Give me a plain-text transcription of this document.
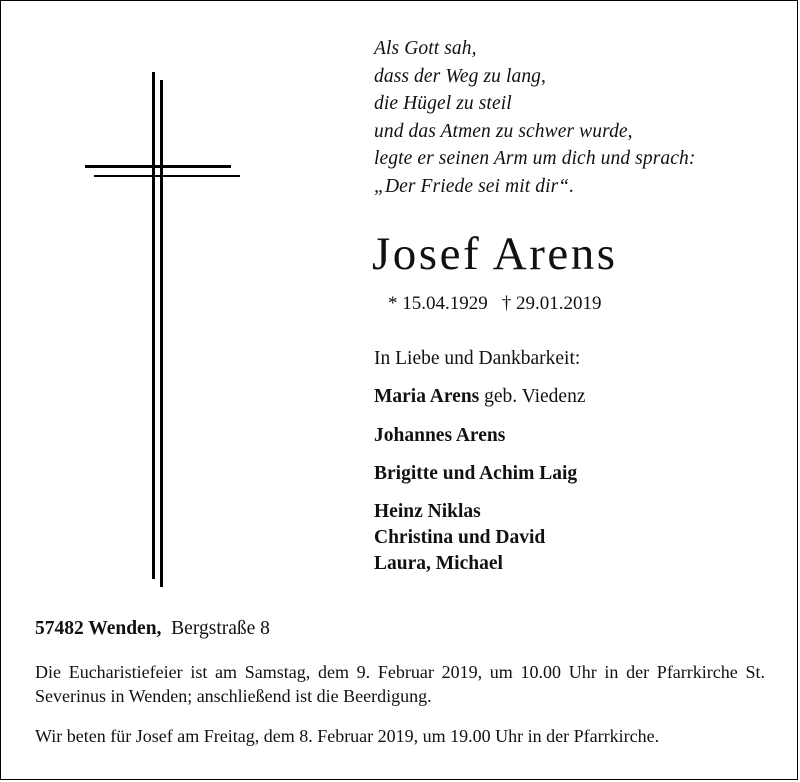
Als Gott sah,
dass der Weg zu lang,
die Hügel zu steil
und das Atmen zu schwer wurde,
legte er seinen Arm um dich und sprach:
„Der Friede sei mit dir“.
Josef Arens
* 15.04.1929 † 29.01.2019
In Liebe und Dankbarkeit:
Maria Arens geb. Viedenz
Johannes Arens
Brigitte und Achim Laig
Heinz Niklas
Christina und David
Laura, Michael
57482 Wenden, Bergstraße 8
Die Eucharistiefeier ist am Samstag, dem 9. Februar 2019, um 10.00 Uhr in der Pfarrkirche St. Severinus in Wenden; anschließend ist die Beerdigung.
Wir beten für Josef am Freitag, dem 8. Februar 2019, um 19.00 Uhr in der Pfarrkirche.
